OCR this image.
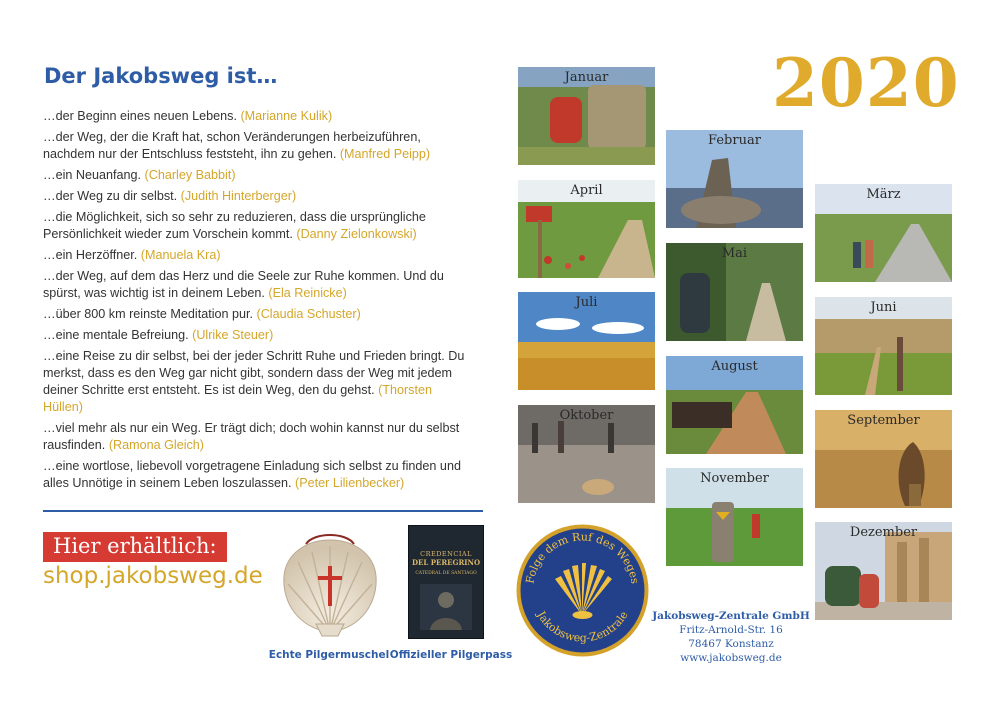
Der Jakobsweg ist…
…der Beginn eines neuen Lebens. (Marianne Kulik)
…der Weg, der die Kraft hat, schon Veränderungen herbeizuführen, nachdem nur der Entschluss feststeht, ihn zu gehen. (Manfred Peipp)
…ein Neuanfang. (Charley Babbit)
…der Weg zu dir selbst. (Judith Hinterberger)
…die Möglichkeit, sich so sehr zu reduzieren, dass die ursprüngliche Persönlichkeit wieder zum Vorschein kommt. (Danny Zielonkowski)
…ein Herzöffner. (Manuela Kra)
…der Weg, auf dem das Herz und die Seele zur Ruhe kommen. Und du spürst, was wichtig ist in deinem Leben. (Ela Reinicke)
…über 800 km reinste Meditation pur. (Claudia Schuster)
…eine mentale Befreiung. (Ulrike Steuer)
…eine Reise zu dir selbst, bei der jeder Schritt Ruhe und Frieden bringt. Du merkst, dass es den Weg gar nicht gibt, sondern dass der Weg mit jedem deiner Schritte erst entsteht. Es ist dein Weg, den du gehst. (Thorsten Hüllen)
…viel mehr als nur ein Weg. Er trägt dich; doch wohin kannst nur du selbst rausfinden. (Ramona Gleich)
…eine wortlose, liebevoll vorgetragene Einladung sich selbst zu finden und alles Unnötige in seinem Leben loszulassen. (Peter Lilienbecker)
Hier erhältlich:
shop.jakobsweg.de
Echte Pilgermuschel
CREDENCIAL
DEL PEREGRINO
CATEDRAL DE SANTIAGO
Offizieller Pilgerpass
Folge dem Ruf des Weges
Jakobsweg-Zentrale Jakobsweg-Zentrale GmbH
Fritz-Arnold-Str. 16
78467 Konstanz
www.jakobsweg.de
2020
Januar
April
Juli
Oktober
Februar
Mai
August
November
März
Juni
September
Dezember
